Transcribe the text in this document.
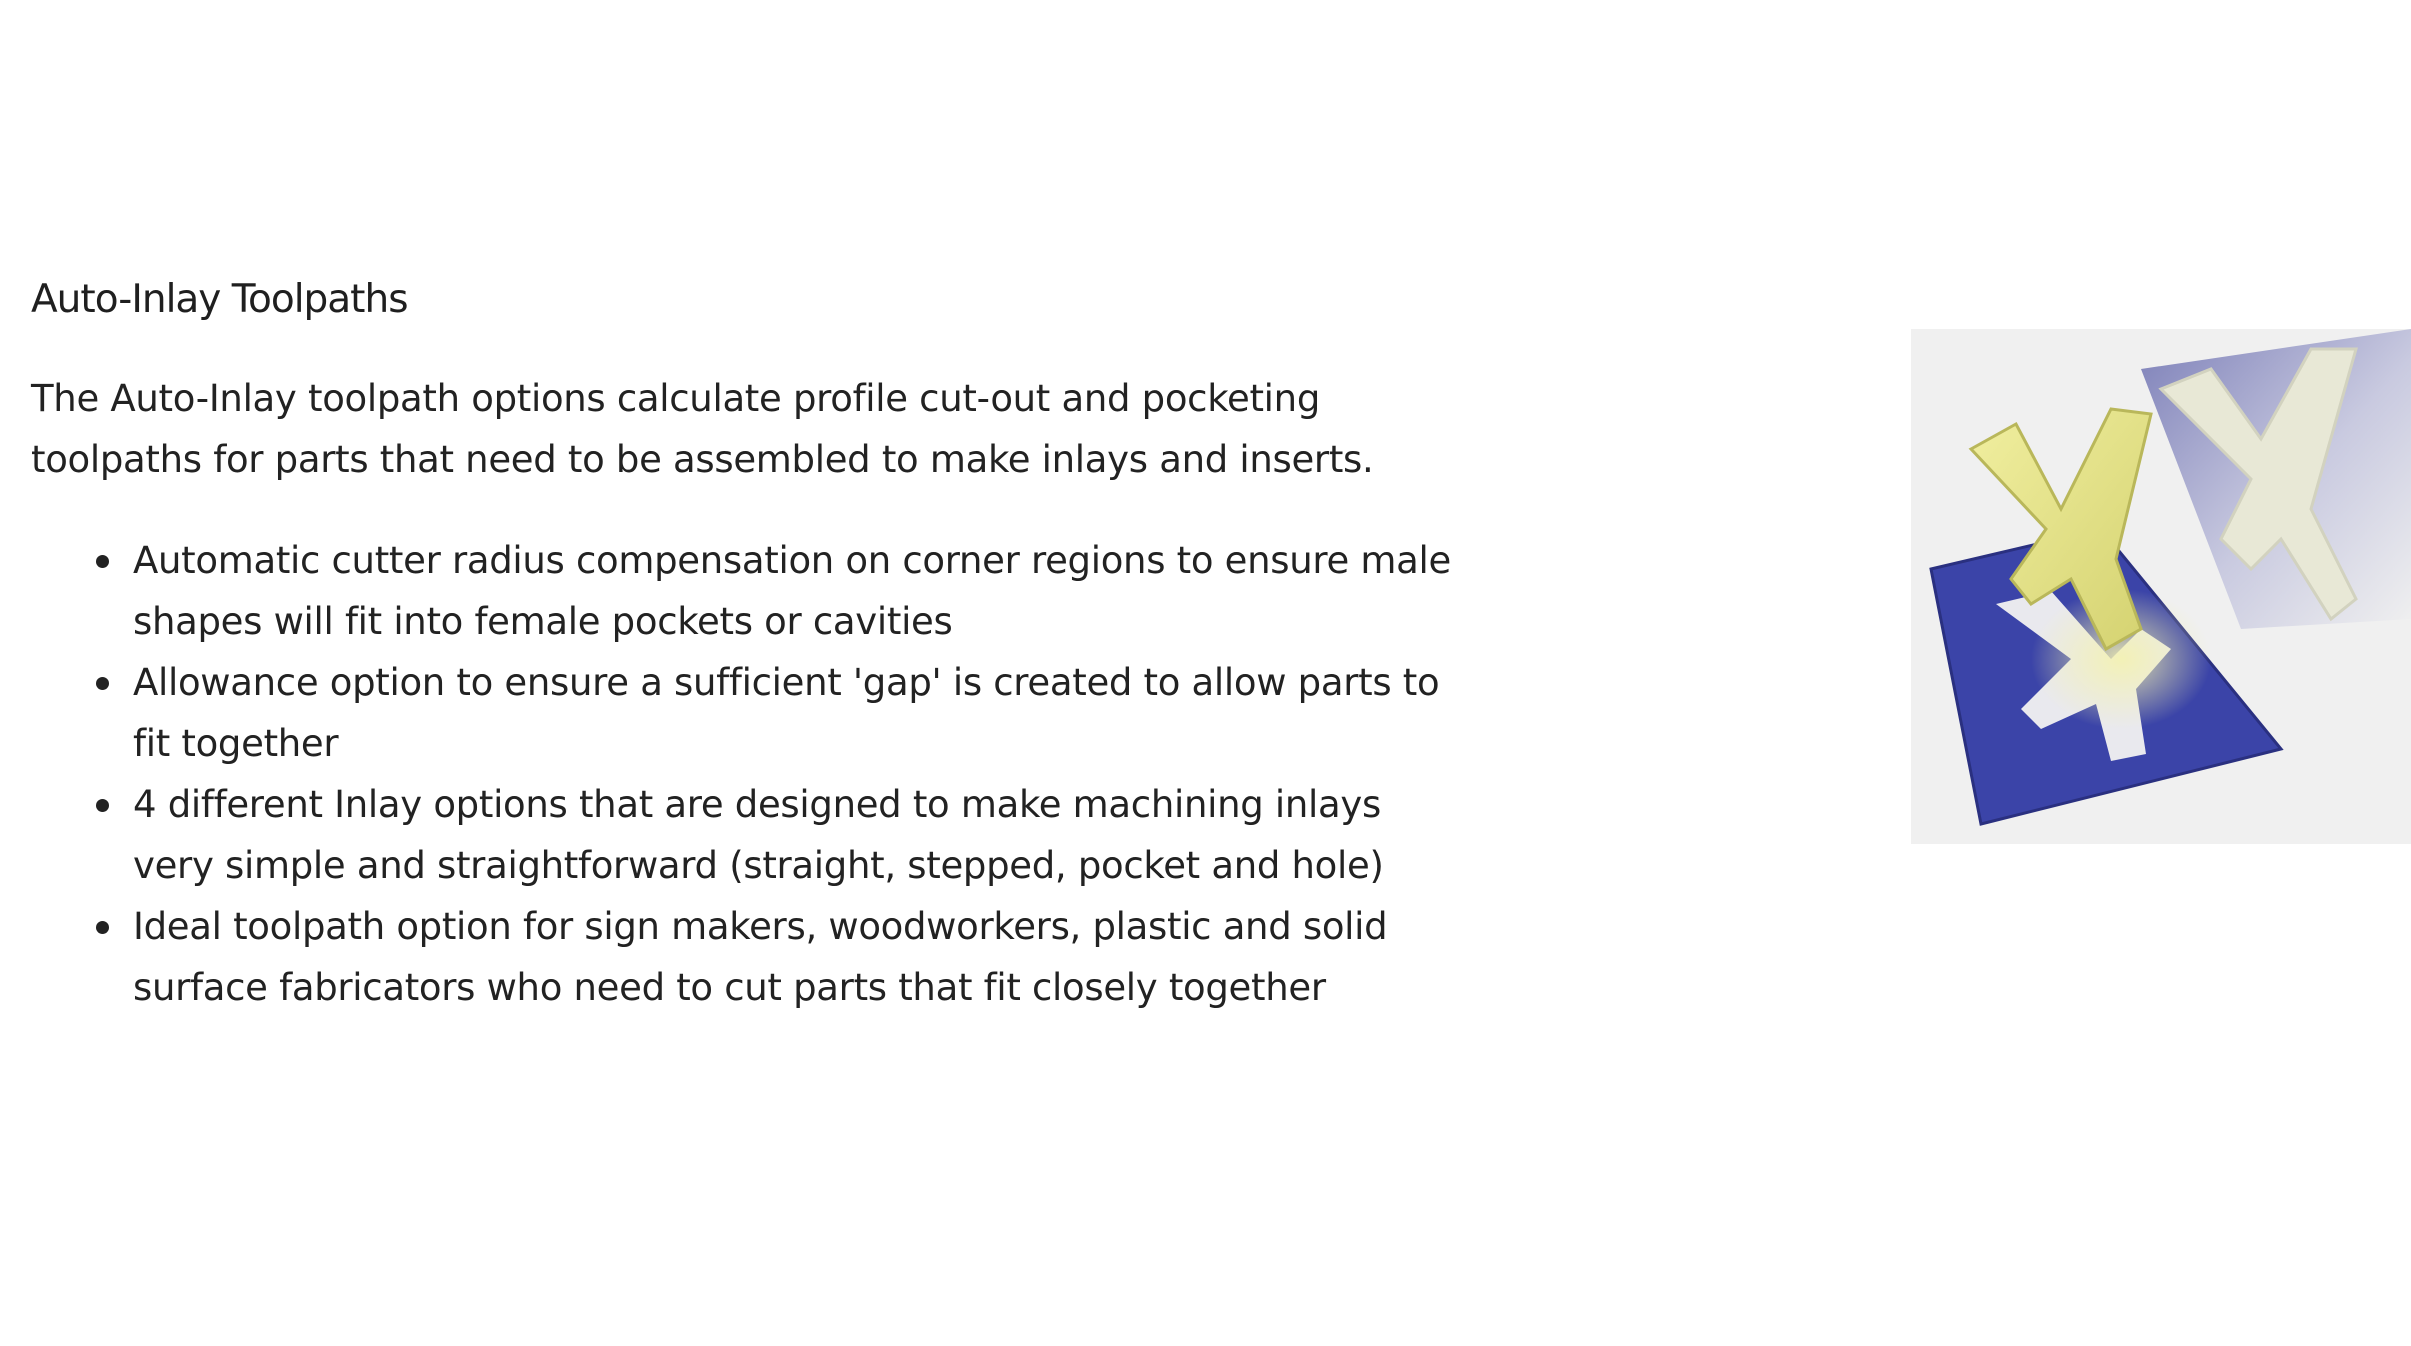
Auto-Inlay Toolpaths

The Auto-Inlay toolpath options calculate profile cut-out and pocketing toolpaths for parts that need to be assembled to make inlays and inserts.

Automatic cutter radius compensation on corner regions to ensure male shapes will fit into female pockets or cavities
Allowance option to ensure a sufficient 'gap' is created to allow parts to fit together
4 different Inlay options that are designed to make machining inlays very simple and straightforward (straight, stepped, pocket and hole)
Ideal toolpath option for sign makers, woodworkers, plastic and solid surface fabricators who need to cut parts that fit closely together
